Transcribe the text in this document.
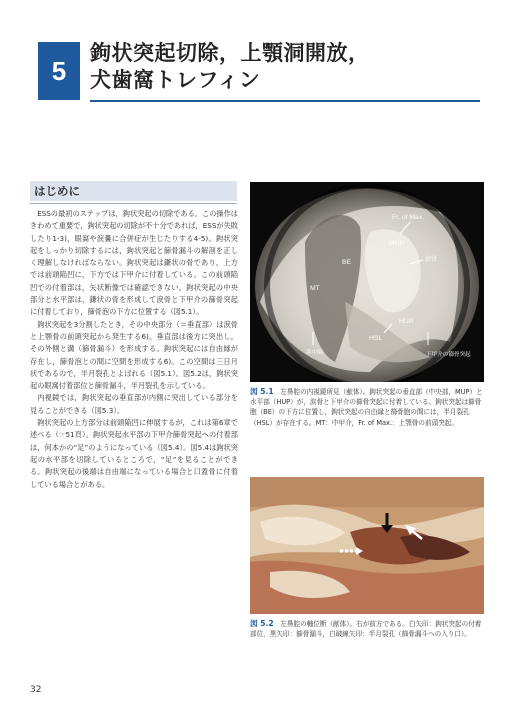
5
鉤状突起切除，上顎洞開放，
犬歯窩トレフィン
はじめに

ESSの最初のステップは，鉤状突起の切除である。この操作はきわめて重要で，鉤状突起の切除が不十分であれば，ESSが失敗したり1-3)，眼窩や涙嚢に合併症が生じたりする4-5)。鉤状突起をしっかり切除するには，鉤状突起と篩骨漏斗の解剖を正しく理解しなければならない。鉤状突起は鎌状の骨であり，上方では前頭陥凹に，下方では下甲介に付着している。この前頭陥凹での付着部は，矢状断像では確認できない。鉤状突起の中央部分と水平部は，鎌状の骨を形成して涙骨と下甲介の篩骨突起に付着しており，篩骨泡の下方に位置する（図5.1）。

鉤状突起を3分割したとき，その中央部分（＝垂直部）は涙骨と上顎骨の前頭突起から発生する6)。垂直部は後方に突出し，その外側と溝（篩骨漏斗）を形成する。鉤状突起には自由縁が存在し，篩骨泡との間に空間を形成する6)。この空間は三日月状であるので，半月裂孔とよばれる（図5.1）。図5.2は，鉤状突起の眼窩付着部位と篩骨漏斗，半月裂孔を示している。

内視鏡では，鉤状突起の垂直部が内側に突出している部分を見ることができる（図5.3）。

鉤状突起の上方部分は前頭陥凹に伸展するが，これは第6章で述べる（☞51頁）。鉤状突起水平部の下甲介篩骨突起への付着部は，何本かの“足”のようになっている（図5.4）。図5.4は鉤状突起の水平部を切除しているところで，“足”を見ることができる。鉤状突起の後端は自由端になっている場合と口蓋骨に付着している場合とがある。

Fr. of Max.
MUP
BE	涙骨
MT
HUP
HSL
鼻中隔	下甲介の篩骨突起
図 5.1　 左鼻腔の内視鏡所見（献体）。鉤状突起の垂直部（中央部，MUP）と水平部（HUP）が，涙骨と下甲介の篩骨突起に付着している。鉤状突起は篩骨胞（BE）の下方に位置し，鉤状突起の自由縁と篩骨胞の間には，半月裂孔（HSL）が存在する。MT：中甲介，Fr. of Max.：上顎骨の前頭突起。
図 5.2　 左鼻腔の軸位断（献体）。右が前方である。白矢印：鉤状突起の付着部位，黒矢印：篩骨漏斗，白破線矢印：半月裂孔（篩骨漏斗への入り口）。
32
